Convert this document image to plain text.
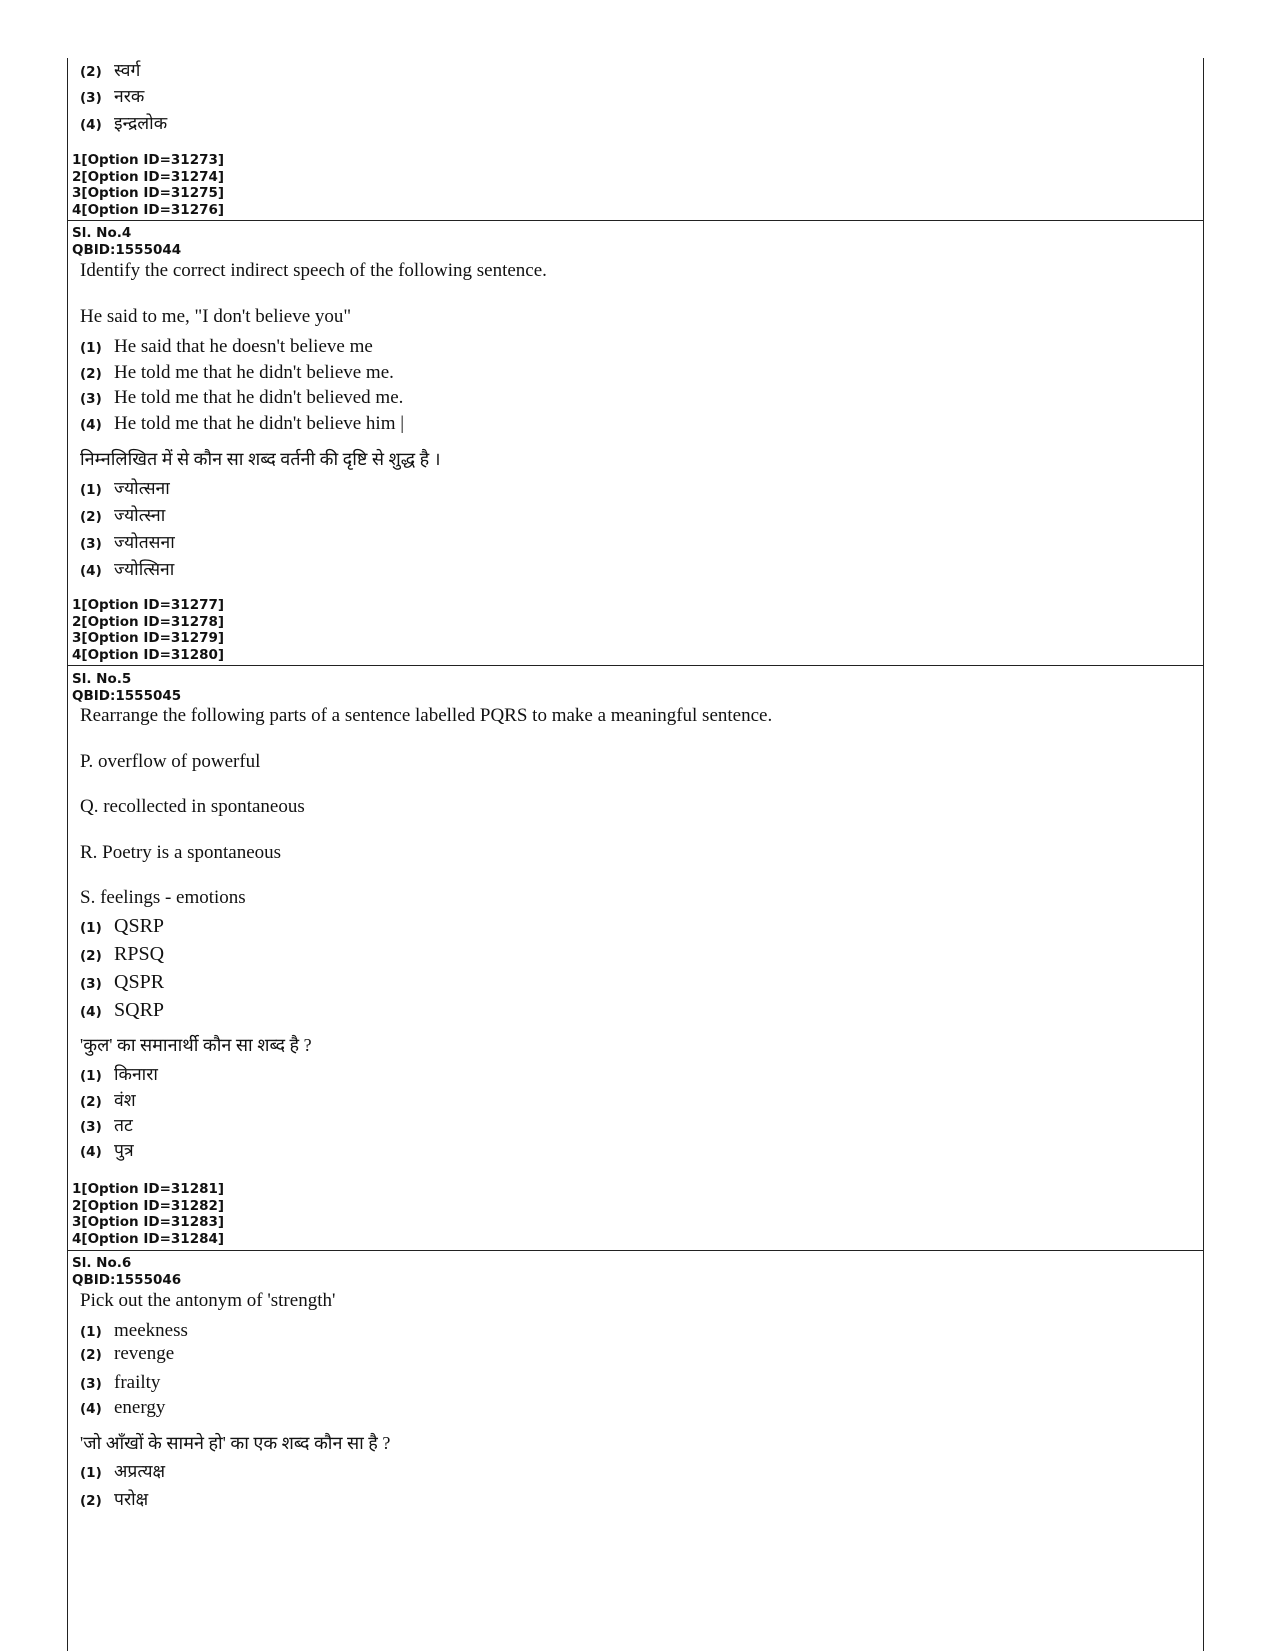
(2) स्वर्ग
(3) नरक
(4) इन्द्रलोक
1[Option ID=31273]
2[Option ID=31274]
3[Option ID=31275]
4[Option ID=31276]
Sl. No.4
QBID:1555044
Identify the correct indirect speech of the following sentence.
He said to me, "I don't believe you"
(1) He said that he doesn't believe me
(2) He told me that he didn't believe me.
(3) He told me that he didn't believed me.
(4) He told me that he didn't believe him |
निम्नलिखित में से कौन सा शब्द वर्तनी की दृष्टि से शुद्ध है ।
(1) ज्योत्सना
(2) ज्योत्स्ना
(3) ज्योतसना
(4) ज्योत्सिना
1[Option ID=31277]
2[Option ID=31278]
3[Option ID=31279]
4[Option ID=31280]
Sl. No.5
QBID:1555045
Rearrange the following parts of a sentence labelled PQRS to make a meaningful sentence.
P. overflow of powerful
Q. recollected in spontaneous
R. Poetry is a spontaneous
S. feelings - emotions
(1) QSRP
(2) RPSQ
(3) QSPR
(4) SQRP
'कुल' का समानार्थी कौन सा शब्द है ?
(1) किनारा
(2) वंश
(3) तट
(4) पुत्र
1[Option ID=31281]
2[Option ID=31282]
3[Option ID=31283]
4[Option ID=31284]
Sl. No.6
QBID:1555046
Pick out the antonym of 'strength'
(1) meekness
(2) revenge
(3) frailty
(4) energy
'जो आँखों के सामने हो' का एक शब्द कौन सा है ?
(1) अप्रत्यक्ष
(2) परोक्ष
